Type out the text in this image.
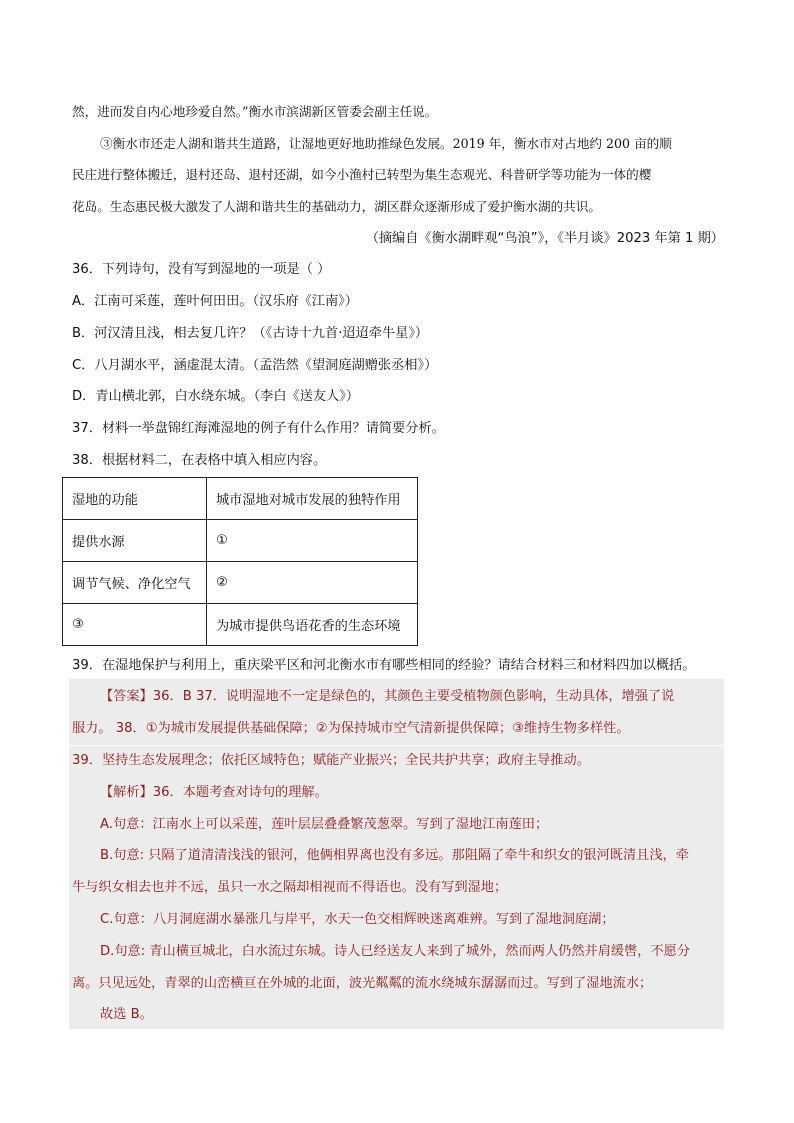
然，进而发自内心地珍爱自然。”衡水市滨湖新区管委会副主任说。
③衡水市还走人湖和谐共生道路，让湿地更好地助推绿色发展。2019 年，衡水市对占地约 200 亩的顺
民庄进行整体搬迁，退村还岛、退村还湖，如今小渔村已转型为集生态观光、科普研学等功能为一体的樱
花岛。生态惠民极大激发了人湖和谐共生的基础动力，湖区群众逐渐形成了爱护衡水湖的共识。
（摘编自《衡水湖畔观“鸟浪”》，《半月谈》2023 年第 1 期）
36．下列诗句，没有写到湿地的一项是（ ）
A．江南可采莲，莲叶何田田。（汉乐府《江南》）
B．河汉清且浅，相去复几许？（《古诗十九首·迢迢牵牛星》）
C．八月湖水平，涵虚混太清。（孟浩然《望洞庭湖赠张丞相》）
D．青山横北郭，白水绕东城。（李白《送友人》）
37．材料一举盘锦红海滩湿地的例子有什么作用？请简要分析。
38．根据材料二，在表格中填入相应内容。
湿地的功能	城市湿地对城市发展的独特作用
提供水源	①
调节气候、净化空气	②
③	为城市提供鸟语花香的生态环境
39．在湿地保护与利用上，重庆梁平区和河北衡水市有哪些相同的经验？请结合材料三和材料四加以概括。
【答案】36．B 37．说明湿地不一定是绿色的，其颜色主要受植物颜色影响，生动具体，增强了说
服力。 38．①为城市发展提供基础保障；②为保持城市空气清新提供保障；③维持生物多样性。
39．坚持生态发展理念；依托区域特色；赋能产业振兴；全民共护共享；政府主导推动。
【解析】36．本题考查对诗句的理解。
A.句意：江南水上可以采莲，莲叶层层叠叠繁茂葱翠。写到了湿地江南莲田；
B.句意: 只隔了道清清浅浅的银河，他俩相界离也没有多远。那阻隔了牵牛和织女的银河既清且浅，牵
牛与织女相去也并不远，虽只一水之隔却相视而不得语也。没有写到湿地；
C.句意：八月洞庭湖水暴涨几与岸平，水天一色交相辉映迷离难辨。写到了湿地洞庭湖；
D.句意: 青山横亘城北，白水流过东城。诗人已经送友人来到了城外，然而两人仍然并肩缓辔，不愿分
离。只见远处，青翠的山峦横亘在外城的北面，波光粼粼的流水绕城东潺潺而过。写到了湿地流水；
故选 B。
